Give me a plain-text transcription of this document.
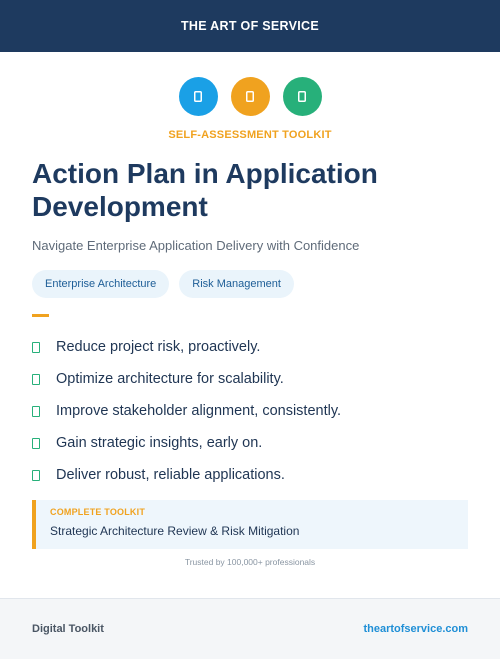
THE ART OF SERVICE
SELF-ASSESSMENT TOOLKIT
Action Plan in Application Development

Navigate Enterprise Application Delivery with Confidence

Enterprise Architecture	Risk Management
Reduce project risk, proactively.
Optimize architecture for scalability.
Improve stakeholder alignment, consistently.
Gain strategic insights, early on.
Deliver robust, reliable applications.
COMPLETE TOOLKIT
Strategic Architecture Review & Risk Mitigation
Trusted by 100,000+ professionals
Digital Toolkit	theartofservice.com
